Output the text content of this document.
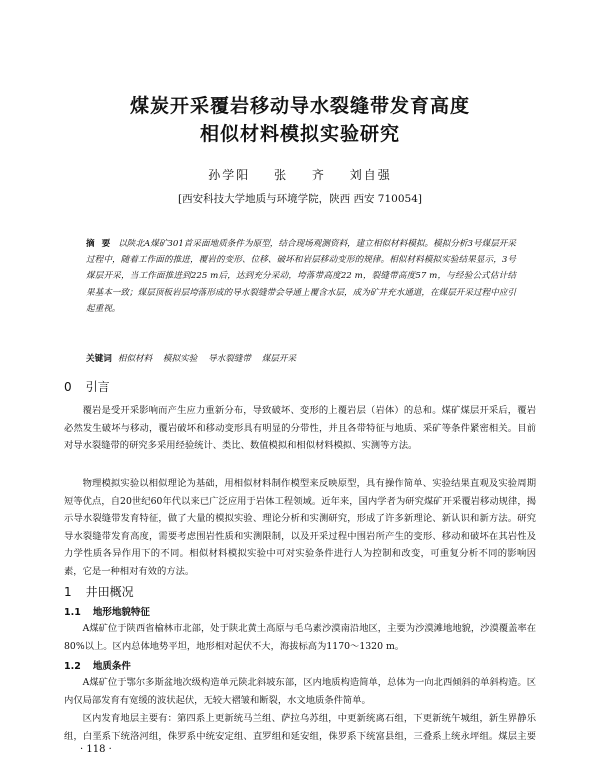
煤炭开采覆岩移动导水裂缝带发育高度
相似材料模拟实验研究
孙学阳 张 齐 刘自强
[西安科技大学地质与环境学院，陕西 西安 710054]
摘 要 以陕北A煤矿301首采面地质条件为原型，结合现场观测资料，建立相似材料模拟。模拟分析3号煤层开采过程中，随着工作面的推进，覆岩的变形、位移、破坏和岩层移动变形的规律。相似材料模拟实验结果显示，3号煤层开采，当工作面推进到225 m后，达到充分采动，垮落带高度22 m，裂缝带高度57 m，与经验公式估计结果基本一致；煤层顶板岩层垮落形成的导水裂缝带会导通上覆含水层，成为矿井充水通道，在煤层开采过程中应引起重视。
关键词 相似材料 模拟实验 导水裂缝带 煤层开采
0 引言
覆岩是受开采影响而产生应力重新分布，导致破坏、变形的上覆岩层（岩体）的总和。煤矿煤层开采后，覆岩必然发生破坏与移动，覆岩破坏和移动变形具有明显的分带性，并且各带特征与地质、采矿等条件紧密相关。目前对导水裂缝带的研究多采用经验统计、类比、数值模拟和相似材料模拟、实测等方法。
物理模拟实验以相似理论为基础，用相似材料制作模型来反映原型，具有操作简单、实验结果直观及实验周期短等优点，自20世纪60年代以来已广泛应用于岩体工程领域。近年来，国内学者为研究煤矿开采覆岩移动规律，揭示导水裂缝带发育特征，做了大量的模拟实验、理论分析和实测研究，形成了许多新理论、新认识和新方法。研究导水裂缝带发育高度，需要考虑围岩性质和实测限制，以及开采过程中围岩所产生的变形、移动和破坏在其岩性及力学性质各异作用下的不同。相似材料模拟实验中可对实验条件进行人为控制和改变，可重复分析不同的影响因素，它是一种相对有效的方法。
1 井田概况
1.1 地形地貌特征
A煤矿位于陕西省榆林市北部，处于陕北黄土高原与毛乌素沙漠南沿地区，主要为沙漠滩地地貌，沙漠覆盖率在80%以上。区内总体地势平坦，地形相对起伏不大，海拔标高为1170～1320 m。
1.2 地质条件
A煤矿位于鄂尔多斯盆地次级构造单元陕北斜坡东部，区内地质构造简单，总体为一向北西倾斜的单斜构造。区内仅局部发育有宽缓的波状起伏，无较大褶皱和断裂，水文地质条件简单。
区内发育地层主要有：第四系上更新统马兰组、萨拉乌苏组，中更新统离石组，下更新统午城组，新生界静乐组，白垩系下统洛河组，侏罗系中统安定组、直罗组和延安组，侏罗系下统富县组，三叠系上统永坪组。煤层主要
· 118 ·
